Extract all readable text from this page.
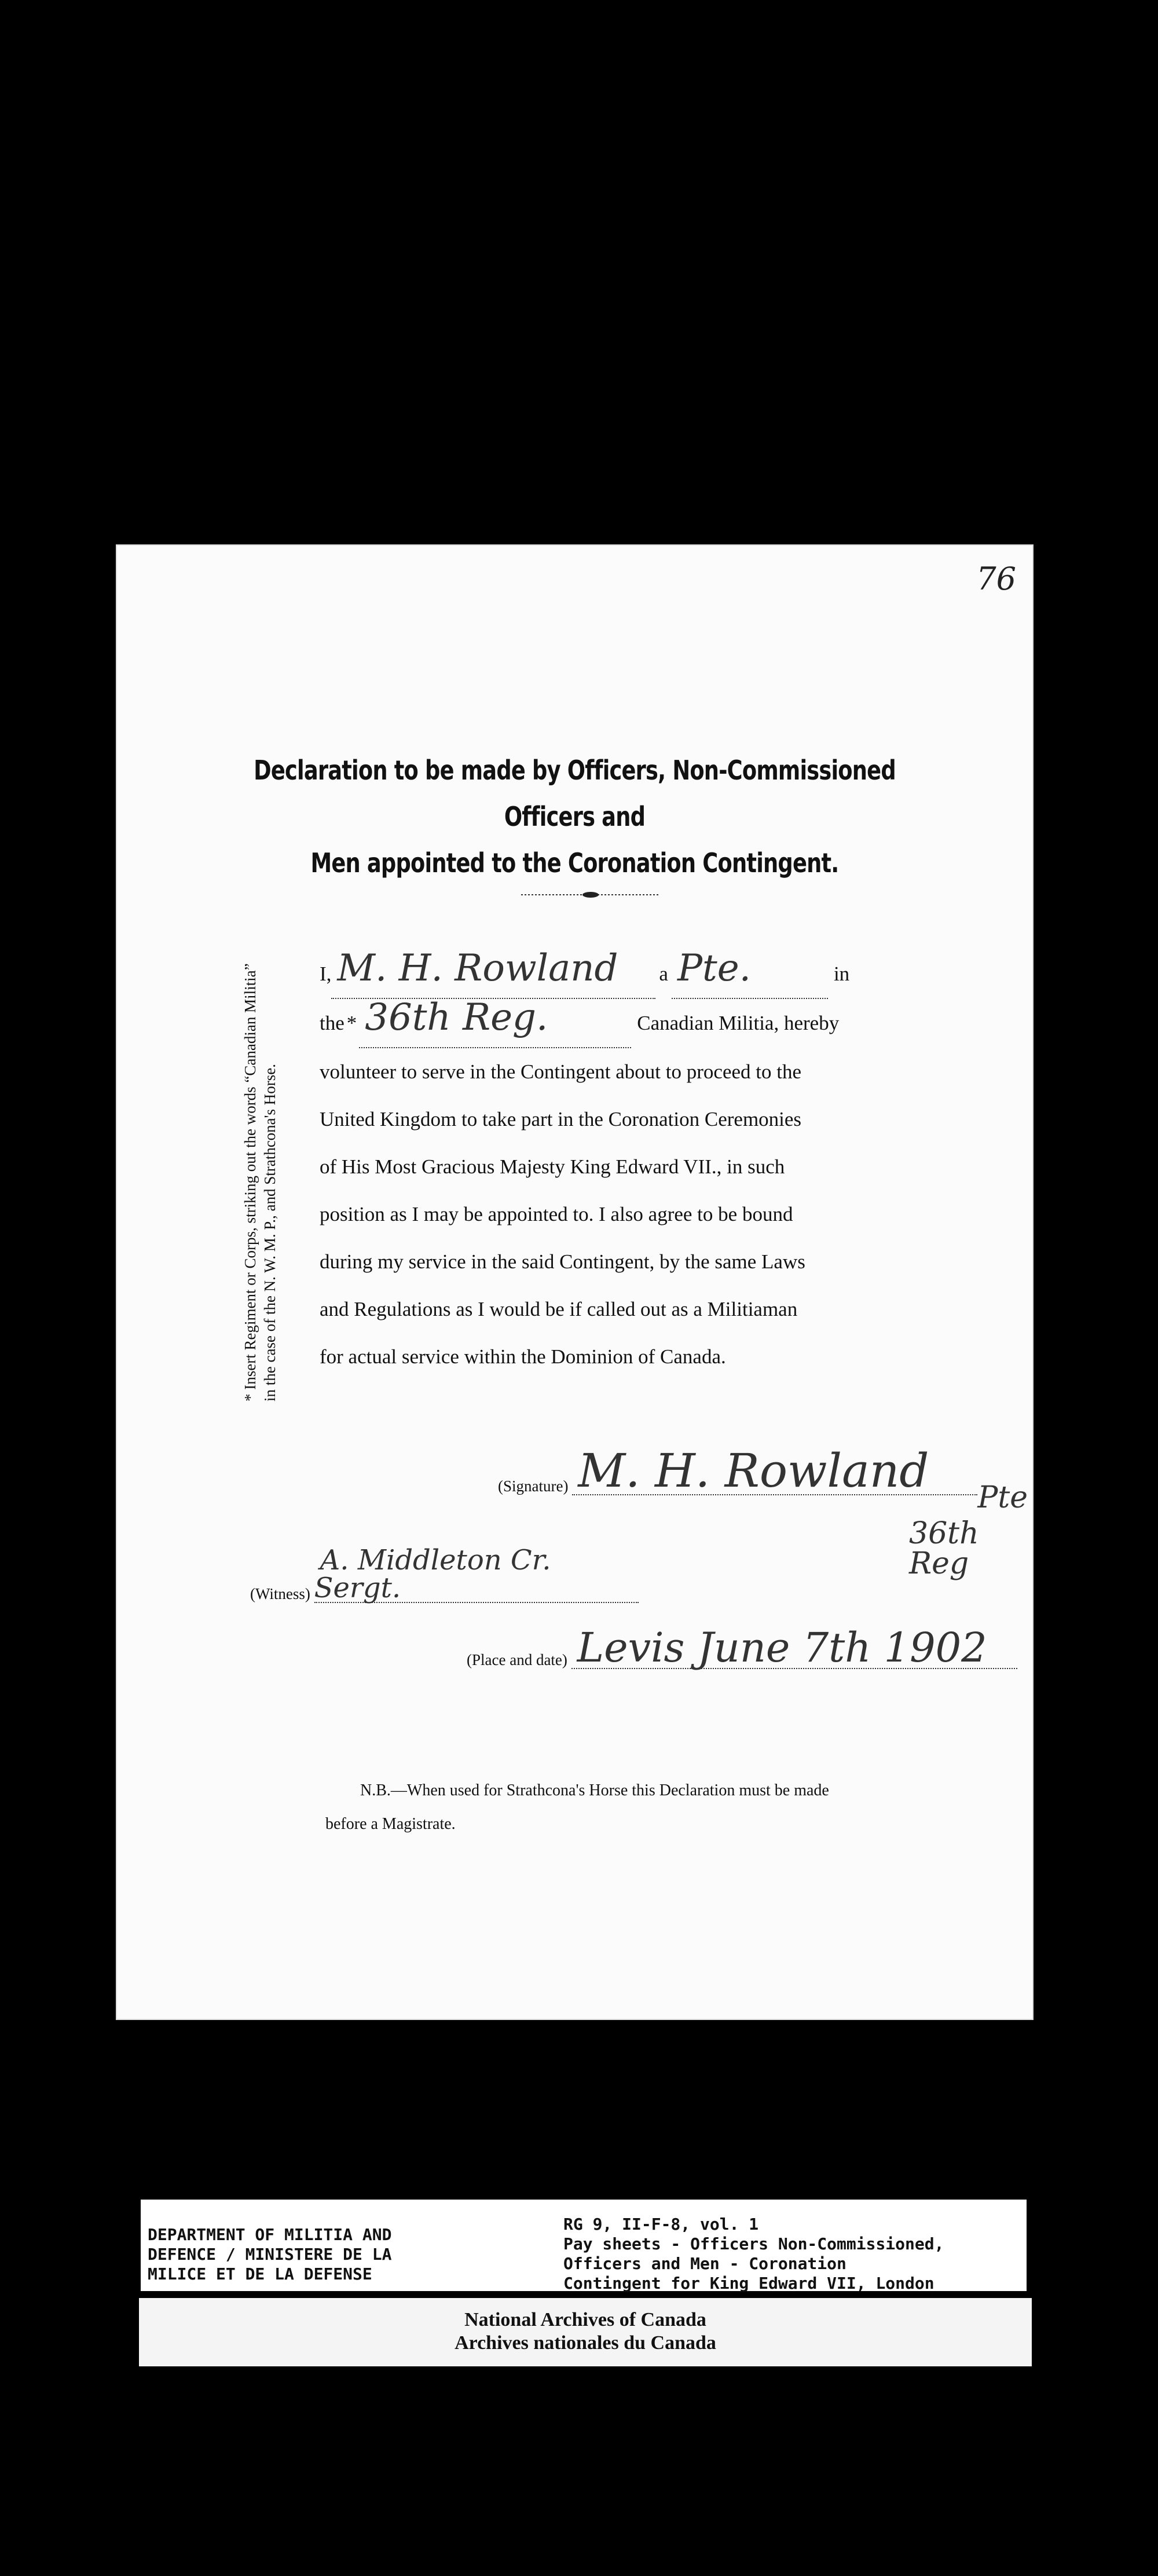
76
Declaration to be made by Officers, Non-Commissioned Officers and
Men appointed to the Coronation Contingent.
* Insert Regiment or Corps, striking out the words “Canadian Militia” in the case of the N. W. M. P., and Strathcona's Horse.
I, M. H. Rowland	a Pte.	in
the * 36th Reg.	Canadian Militia, hereby
volunteer to serve in the Contingent about to proceed to the
United Kingdom to take part in the Coronation Ceremonies
of His Most Gracious Majesty King Edward VII., in such
position as I may be appointed to. I also agree to be bound
during my service in the said Contingent, by the same Laws
and Regulations as I would be if called out as a Militiaman
for actual service within the Dominion of Canada.
(Signature) M. H. Rowland	Pte
36th Reg
(Witness) A. Middleton Cr. Sergt.
(Place and date) Levis June 7th 1902
N.B.—When used for Strathcona's Horse this Declaration must be made
before a Magistrate.
DEPARTMENT OF MILITIA AND
DEFENCE / MINISTERE DE LA
MILICE ET DE LA DEFENSE
RG 9, II-F-8, vol. 1
Pay sheets - Officers Non-Commissioned,
Officers and Men - Coronation
Contingent for King Edward VII, London
National Archives of Canada
Archives nationales du Canada
